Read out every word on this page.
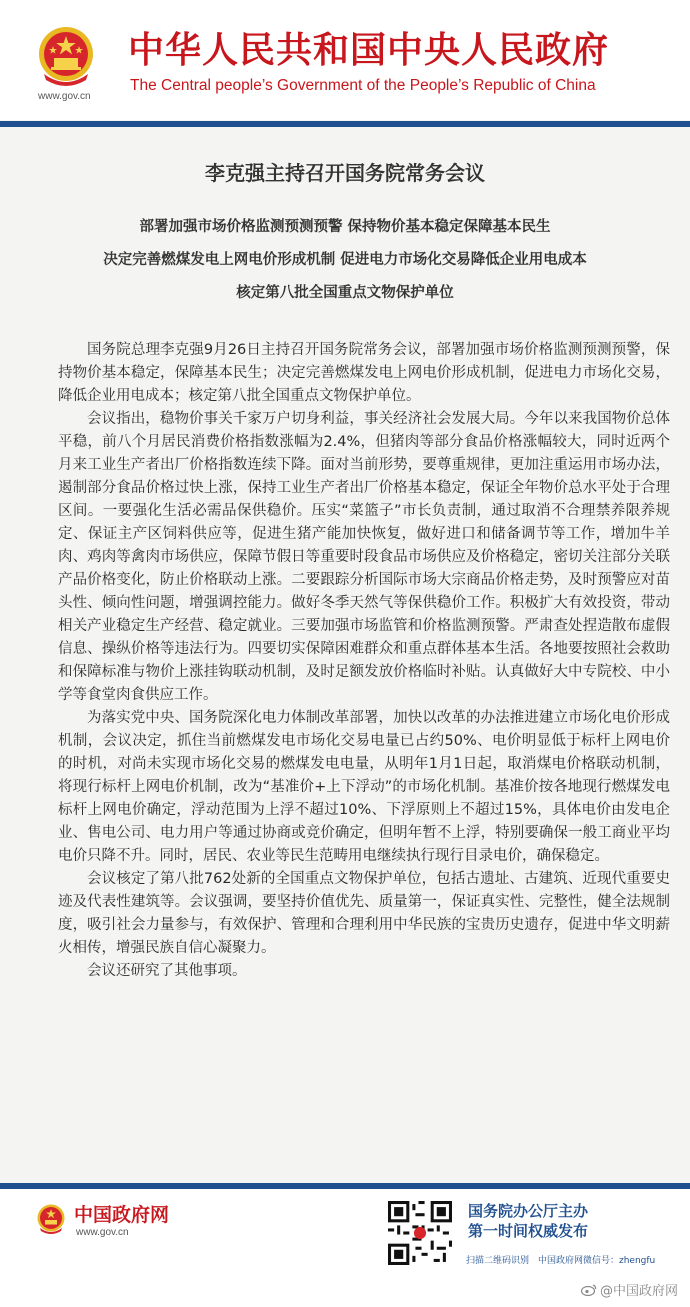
www.gov.cn
中华人民共和国中央人民政府
The Central people’s Government of the People’s Republic of China
李克强主持召开国务院常务会议
部署加强市场价格监测预测预警 保持物价基本稳定保障基本民生
决定完善燃煤发电上网电价形成机制 促进电力市场化交易降低企业用电成本
核定第八批全国重点文物保护单位

国务院总理李克强9月26日主持召开国务院常务会议，部署加强市场价格监测预测预警，保持物价基本稳定，保障基本民生；决定完善燃煤发电上网电价形成机制，促进电力市场化交易，降低企业用电成本；核定第八批全国重点文物保护单位。

会议指出，稳物价事关千家万户切身利益，事关经济社会发展大局。今年以来我国物价总体平稳，前八个月居民消费价格指数涨幅为2.4%，但猪肉等部分食品价格涨幅较大，同时近两个月来工业生产者出厂价格指数连续下降。面对当前形势，要尊重规律，更加注重运用市场办法，遏制部分食品价格过快上涨，保持工业生产者出厂价格基本稳定，保证全年物价总水平处于合理区间。一要强化生活必需品保供稳价。压实“菜篮子”市长负责制，通过取消不合理禁养限养规定、保证主产区饲料供应等，促进生猪产能加快恢复，做好进口和储备调节等工作，增加牛羊肉、鸡肉等禽肉市场供应，保障节假日等重要时段食品市场供应及价格稳定，密切关注部分关联产品价格变化，防止价格联动上涨。二要跟踪分析国际市场大宗商品价格走势，及时预警应对苗头性、倾向性问题，增强调控能力。做好冬季天然气等保供稳价工作。积极扩大有效投资，带动相关产业稳定生产经营、稳定就业。三要加强市场监管和价格监测预警。严肃查处捏造散布虚假信息、操纵价格等违法行为。四要切实保障困难群众和重点群体基本生活。各地要按照社会救助和保障标准与物价上涨挂钩联动机制，及时足额发放价格临时补贴。认真做好大中专院校、中小学等食堂肉食供应工作。

为落实党中央、国务院深化电力体制改革部署，加快以改革的办法推进建立市场化电价形成机制，会议决定，抓住当前燃煤发电市场化交易电量已占约50%、电价明显低于标杆上网电价的时机，对尚未实现市场化交易的燃煤发电电量，从明年1月1日起，取消煤电价格联动机制，将现行标杆上网电价机制，改为“基准价+上下浮动”的市场化机制。基准价按各地现行燃煤发电标杆上网电价确定，浮动范围为上浮不超过10%、下浮原则上不超过15%，具体电价由发电企业、售电公司、电力用户等通过协商或竞价确定，但明年暂不上浮，特别要确保一般工商业平均电价只降不升。同时，居民、农业等民生范畴用电继续执行现行目录电价，确保稳定。

会议核定了第八批762处新的全国重点文物保护单位，包括古遗址、古建筑、近现代重要史迹及代表性建筑等。会议强调，要坚持价值优先、质量第一，保证真实性、完整性，健全法规制度，吸引社会力量参与，有效保护、管理和合理利用中华民族的宝贵历史遗存，促进中华文明薪火相传，增强民族自信心凝聚力。

会议还研究了其他事项。

中国政府网
www.gov.cn
国务院办公厅主办
第一时间权威发布
扫描二维码识别　中国政府网微信号：zhengfu
@中国政府网
